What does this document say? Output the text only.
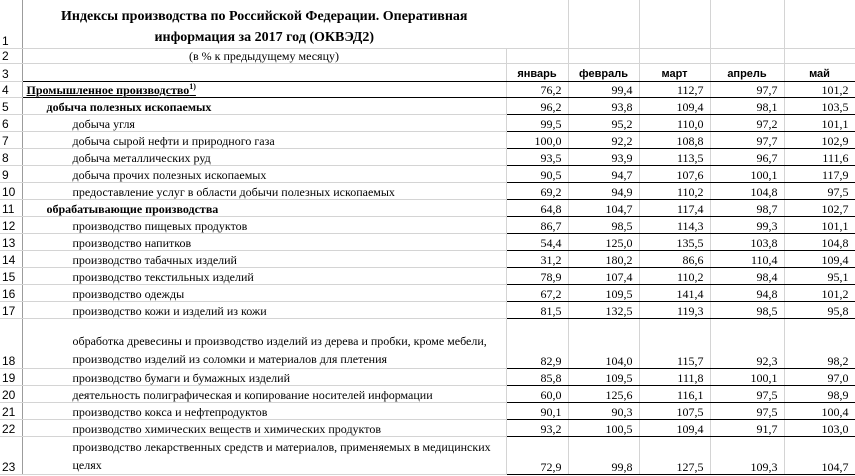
1	Индексы производства по Российской Федерации. Оперативная
информация за 2017 год (ОКВЭД2)					

2	(в % к предыдущему месяцу)					
3		январь	февраль	март	апрель	май
4	Промышленное производство$^{1)}$	76,2	99,4	112,7	97,7	101,2
5	добыча полезных ископаемых	96,2	93,8	109,4	98,1	103,5
6	добыча угля	99,5	95,2	110,0	97,2	101,1
7	добыча сырой нефти и природного газа	100,0	92,2	108,8	97,7	102,9
8	добыча металлических руд	93,5	93,9	113,5	96,7	111,6
9	добыча прочих полезных ископаемых	90,5	94,7	107,6	100,1	117,9
10	предоставление услуг в области добычи полезных ископаемых	69,2	94,9	110,2	104,8	97,5
11	обрабатывающие производства	64,8	104,7	117,4	98,7	102,7
12	производство пищевых продуктов	86,7	98,5	114,3	99,3	101,1
13	производство напитков	54,4	125,0	135,5	103,8	104,8
14	производство табачных изделий	31,2	180,2	86,6	110,4	109,4
15	производство текстильных изделий	78,9	107,4	110,2	98,4	95,1
16	производство одежды	67,2	109,5	141,4	94,8	101,2
17	производство кожи и изделий из кожи	81,5	132,5	119,3	98,5	95,8
18	обработка древесины и производство изделий из дерева и пробки, кроме мебели, производство изделий из соломки и материалов для плетения	82,9	104,0	115,7	92,3	98,2
19	производство бумаги и бумажных изделий	85,8	109,5	111,8	100,1	97,0
20	деятельность полиграфическая и копирование носителей информации	60,0	125,6	116,1	97,5	98,9
21	производство кокса и нефтепродуктов	90,1	90,3	107,5	97,5	100,4
22	производство химических веществ и химических продуктов	93,2	100,5	109,4	91,7	103,0
23	производство лекарственных средств и материалов, применяемых в медицинских целях	72,9	99,8	127,5	109,3	104,7
